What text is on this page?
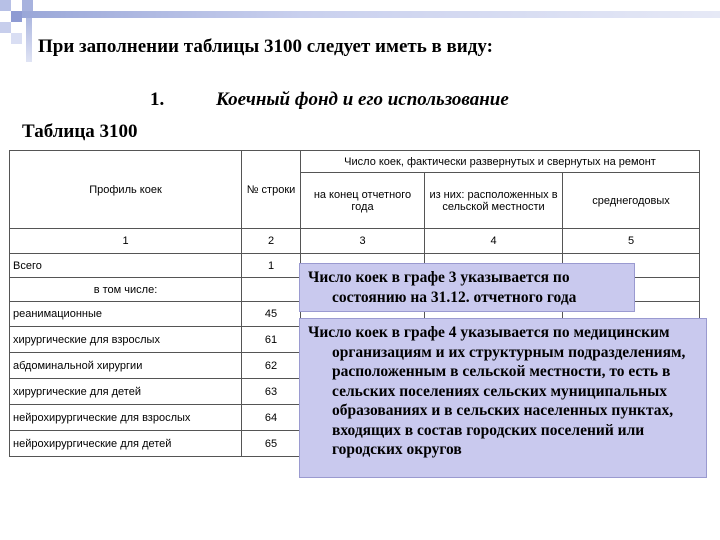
При заполнении таблицы 3100 следует иметь в виду:
1.	Коечный фонд и его использование
Таблица 3100
Профиль коек	№ строки	Число коек, фактически развернутых и свернутых на ремонт		
		на конец отчетного года	из них: расположенных в сельской местности	среднегодовых
1	2	3	4	5
Всего	1			
в том числе:				
реанимационные	45			
хирургические для взрослых	61			
абдоминальной хирургии	62			
хирургические для детей	63			
нейрохирургические для взрослых	64			
нейрохирургические для детей	65			

Число коек в графе 3 указывается по состоянию на 31.12. отчетного года

Число коек в графе 4 указывается по медицинским организациям и их структурным подразделениям, расположенным в сельской местности, то есть в сельских поселениях сельских муниципальных образованиях и в сельских населенных пунктах, входящих в состав городских поселений или городских округов
